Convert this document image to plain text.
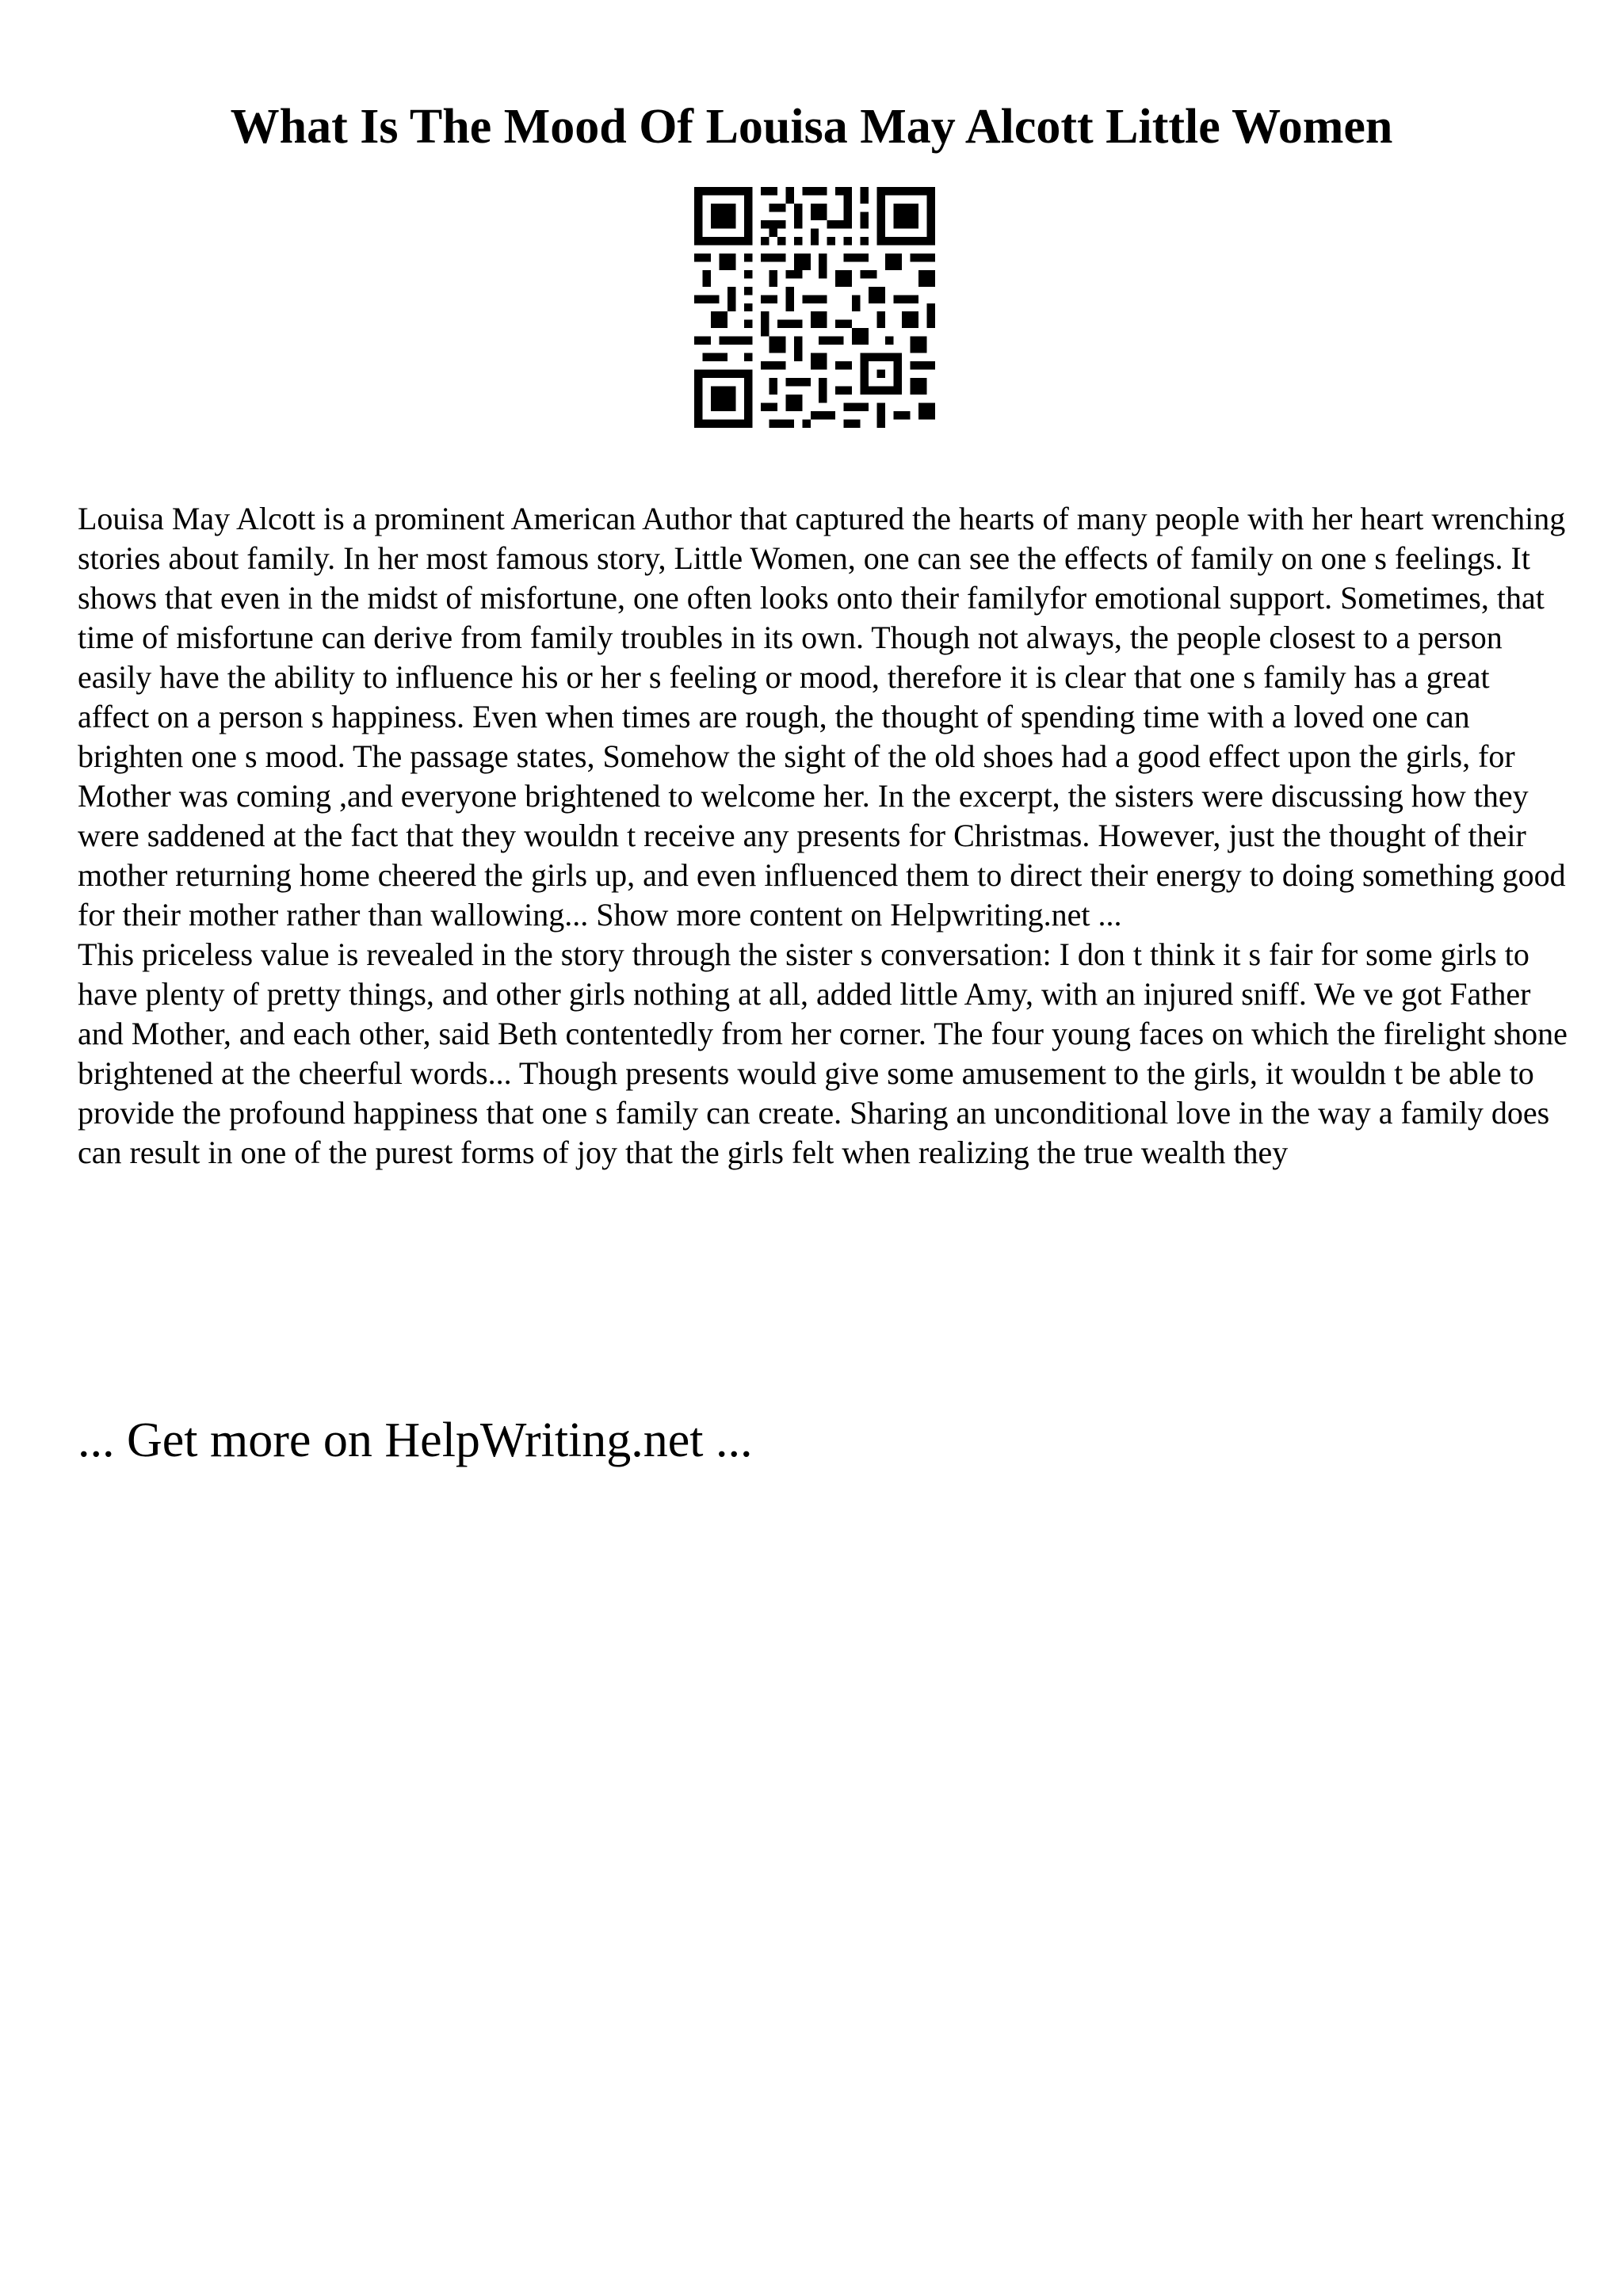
What Is The Mood Of Louisa May Alcott Little Women

Louisa May Alcott is a prominent American Author that captured the hearts of many people with her heart wrenching stories about family. In her most famous story, Little Women, one can see the effects of family on one s feelings. It shows that even in the midst of misfortune, one often looks onto their familyfor emotional support. Sometimes, that time of misfortune can derive from family troubles in its own. Though not always, the people closest to a person easily have the ability to influence his or her s feeling or mood, therefore it is clear that one s family has a great affect on a person s happiness. Even when times are rough, the thought of spending time with a loved one can brighten one s mood. The passage states, Somehow the sight of the old shoes had a good effect upon the girls, for Mother was coming ,and everyone brightened to welcome her. In the excerpt, the sisters were discussing how they were saddened at the fact that they wouldn t receive any presents for Christmas. However, just the thought of their mother returning home cheered the girls up, and even influenced them to direct their energy to doing something good for their mother rather than wallowing... Show more content on Helpwriting.net ...

This priceless value is revealed in the story through the sister s conversation: I don t think it s fair for some girls to have plenty of pretty things, and other girls nothing at all, added little Amy, with an injured sniff. We ve got Father and Mother, and each other, said Beth contentedly from her corner. The four young faces on which the firelight shone brightened at the cheerful words... Though presents would give some amusement to the girls, it wouldn t be able to provide the profound happiness that one s family can create. Sharing an unconditional love in the way a family does can result in one of the purest forms of joy that the girls felt when realizing the true wealth they

... Get more on HelpWriting.net ...
